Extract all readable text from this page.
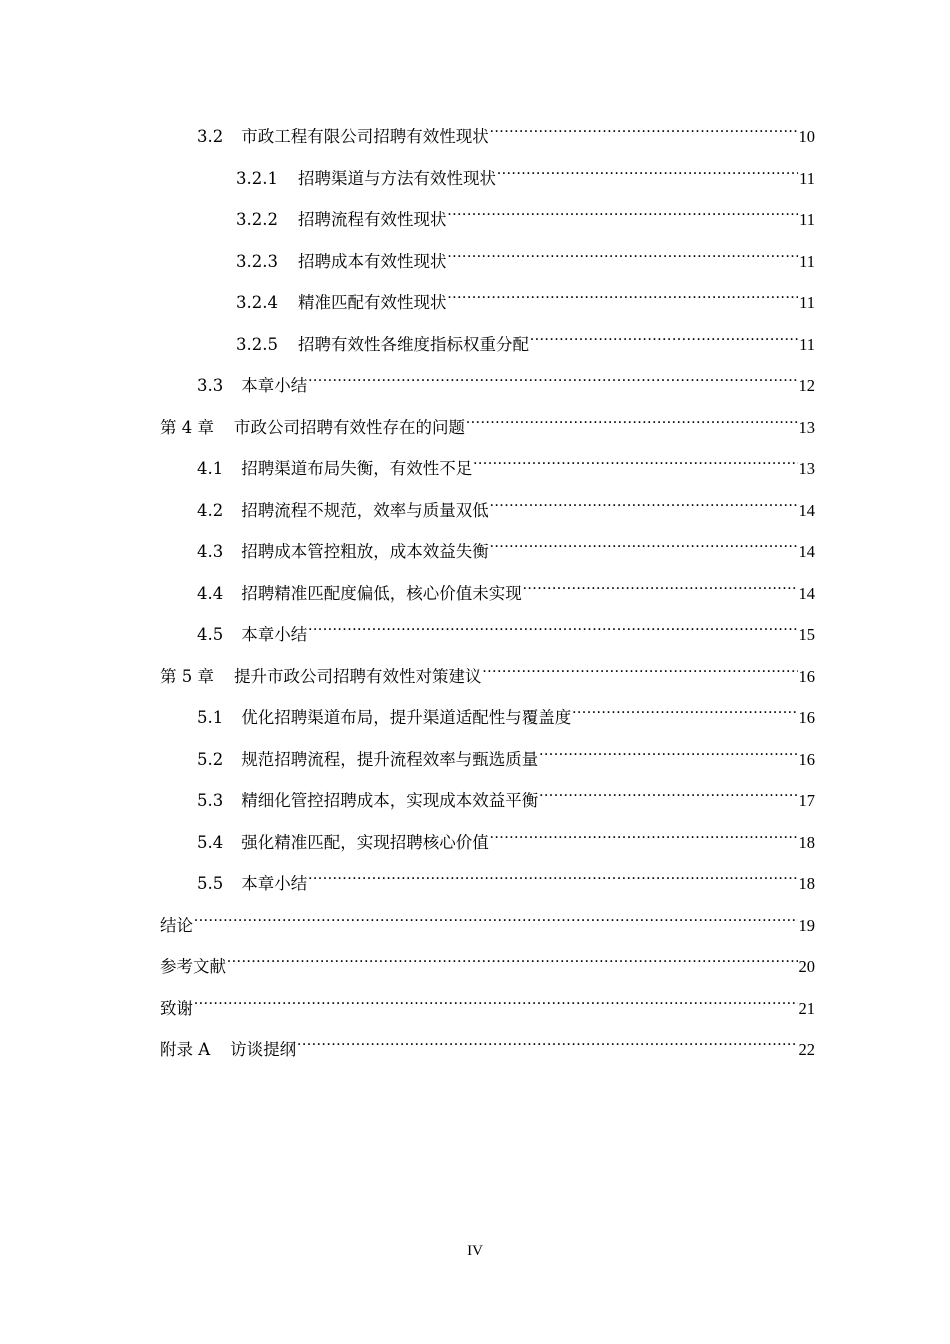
3.2 市政工程有限公司招聘有效性现状 .....	10
3.2.1 招聘渠道与方法有效性现状 .....	11
3.2.2 招聘流程有效性现状 .....	11
3.2.3 招聘成本有效性现状 .....	11
3.2.4 精准匹配有效性现状 .....	11
3.2.5 招聘有效性各维度指标权重分配 .....	11
3.3 本章小结 .....	12
第 4 章 市政公司招聘有效性存在的问题 .....	13
4.1 招聘渠道布局失衡，有效性不足 .....	13
4.2 招聘流程不规范，效率与质量双低 .....	14
4.3 招聘成本管控粗放，成本效益失衡 .....	14
4.4 招聘精准匹配度偏低，核心价值未实现 .....	14
4.5 本章小结 .....	15
第 5 章 提升市政公司招聘有效性对策建议 .....	16
5.1 优化招聘渠道布局，提升渠道适配性与覆盖度 .....	16
5.2 规范招聘流程，提升流程效率与甄选质量 .....	16
5.3 精细化管控招聘成本，实现成本效益平衡 .....	17
5.4 强化精准匹配，实现招聘核心价值 .....	18
5.5 本章小结 .....	18
结论 .....	19
参考文献 .....	20
致谢 .....	21
附录 A 访谈提纲 .....	22
IV
